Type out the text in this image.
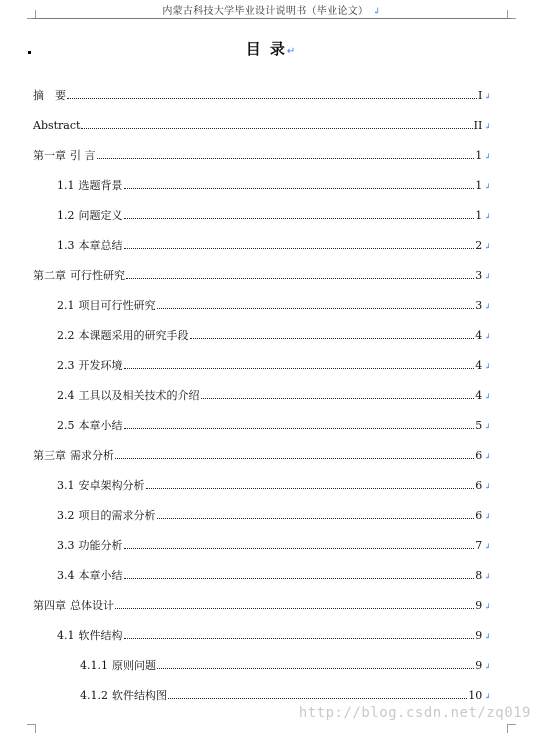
内蒙古科技大学毕业设计说明书（毕业论文） ↲
目 录↵
摘　要	I ↲
Abstract	II ↲
第一章 引 言	1 ↲
1.1 选题背景	1 ↲
1.2 问题定义	1 ↲
1.3 本章总结	2 ↲
第二章 可行性研究	3 ↲
2.1 项目可行性研究	3 ↲
2.2 本课题采用的研究手段	4 ↲
2.3 开发环境	4 ↲
2.4 工具以及相关技术的介绍	4 ↲
2.5 本章小结	5 ↲
第三章 需求分析	6 ↲
3.1 安卓架构分析	6 ↲
3.2 项目的需求分析	6 ↲
3.3 功能分析	7 ↲
3.4 本章小结	8 ↲
第四章 总体设计	9 ↲
4.1 软件结构	9 ↲
4.1.1 原则问题	9 ↲
4.1.2 软件结构图	10 ↲
http://blog.csdn.net/zq019
